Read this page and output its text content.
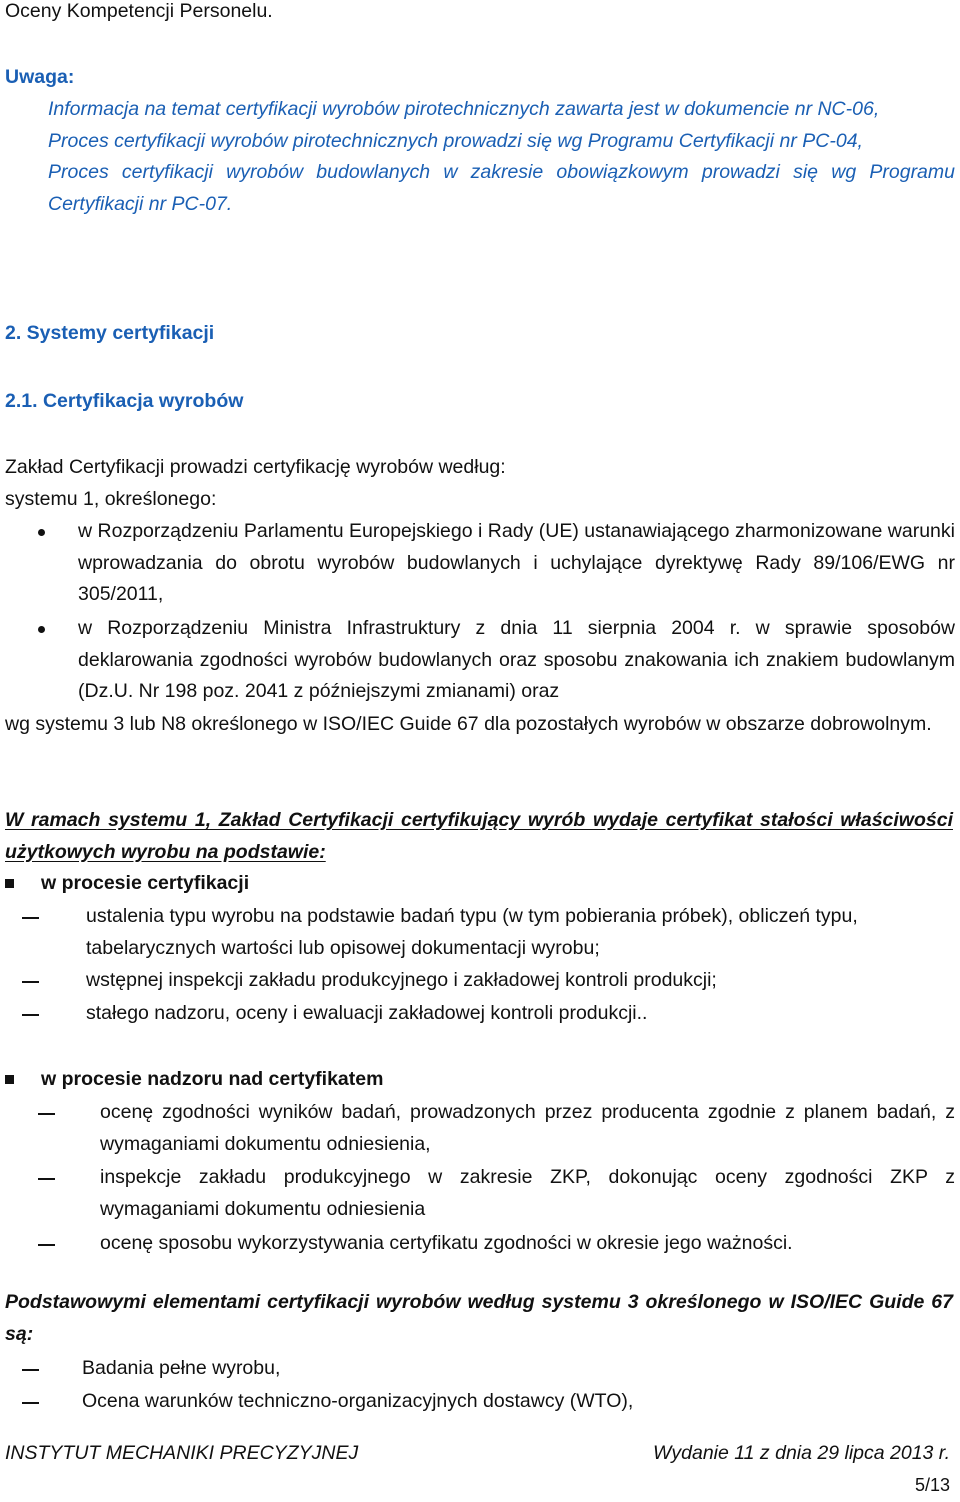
Oceny Kompetencji Personelu.
Uwaga:

Informacja na temat certyfikacji wyrobów pirotechnicznych zawarta jest w dokumencie nr NC-06,

Proces certyfikacji wyrobów pirotechnicznych prowadzi się wg Programu Certyfikacji nr PC-04,

Proces certyfikacji wyrobów budowlanych w zakresie obowiązkowym prowadzi się wg Programu Certyfikacji nr PC-07.

2. Systemy certyfikacji
2.1. Certyfikacja wyrobów
Zakład Certyfikacji prowadzi certyfikację wyrobów według:
systemu 1, określonego:
w Rozporządzeniu Parlamentu Europejskiego i Rady (UE) ustanawiającego zharmonizowane warunki wprowadzania do obrotu wyrobów budowlanych i uchylające dyrektywę Rady 89/106/EWG nr 305/2011,
w Rozporządzeniu Ministra Infrastruktury z dnia 11 sierpnia 2004 r. w sprawie sposobów deklarowania zgodności wyrobów budowlanych oraz sposobu znakowania ich znakiem budowlanym (Dz.U. Nr 198 poz. 2041 z późniejszymi zmianami) oraz
wg systemu 3 lub N8 określonego w ISO/IEC Guide 67 dla pozostałych wyrobów w obszarze dobrowolnym.
W ramach systemu 1, Zakład Certyfikacji certyfikujący wyrób wydaje certyfikat stałości właściwości użytkowych wyrobu na podstawie:
w procesie certyfikacji
ustalenia typu wyrobu na podstawie badań typu (w tym pobierania próbek), obliczeń typu, tabelarycznych wartości lub opisowej dokumentacji wyrobu;
wstępnej inspekcji zakładu produkcyjnego i zakładowej kontroli produkcji;
stałego nadzoru, oceny i ewaluacji zakładowej kontroli produkcji..
w procesie nadzoru nad certyfikatem
ocenę zgodności wyników badań, prowadzonych przez producenta zgodnie z planem badań, z wymaganiami dokumentu odniesienia,
inspekcje zakładu produkcyjnego w zakresie ZKP, dokonując oceny zgodności ZKP z wymaganiami dokumentu odniesienia
ocenę sposobu wykorzystywania certyfikatu zgodności w okresie jego ważności.
Podstawowymi elementami certyfikacji wyrobów według systemu 3 określonego w ISO/IEC Guide 67 są:
Badania pełne wyrobu,
Ocena warunków techniczno-organizacyjnych dostawcy (WTO),
INSTYTUT MECHANIKI PRECYZYJNEJ	Wydanie 11 z dnia 29 lipca 2013 r.
5/13
